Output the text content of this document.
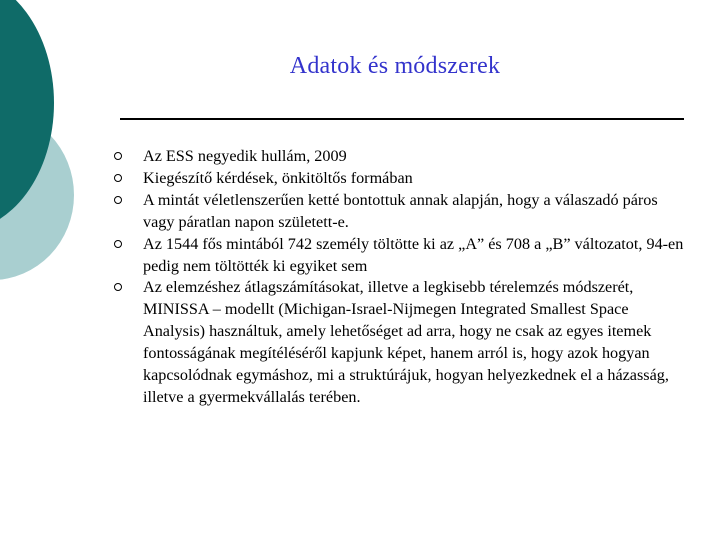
Adatok és módszerek
Az ESS negyedik hullám, 2009
Kiegészítő kérdések, önkitöltős formában
A mintát véletlenszerűen ketté bontottuk annak alapján, hogy a válaszadó páros vagy páratlan napon született-e.
Az 1544 fős mintából 742 személy töltötte ki az „A” és 708 a „B” változatot, 94-en pedig nem töltötték ki egyiket sem
Az elemzéshez átlagszámításokat, illetve a legkisebb térelemzés módszerét, MINISSA – modellt (Michigan-Israel-Nijmegen Integrated Smallest Space Analysis) használtuk, amely lehetőséget ad arra, hogy ne csak az egyes itemek fontosságának megítéléséről kapjunk képet, hanem arról is, hogy azok hogyan kapcsolódnak egymáshoz, mi a struktúrájuk, hogyan helyezkednek el a házasság, illetve a gyermekvállalás terében.
